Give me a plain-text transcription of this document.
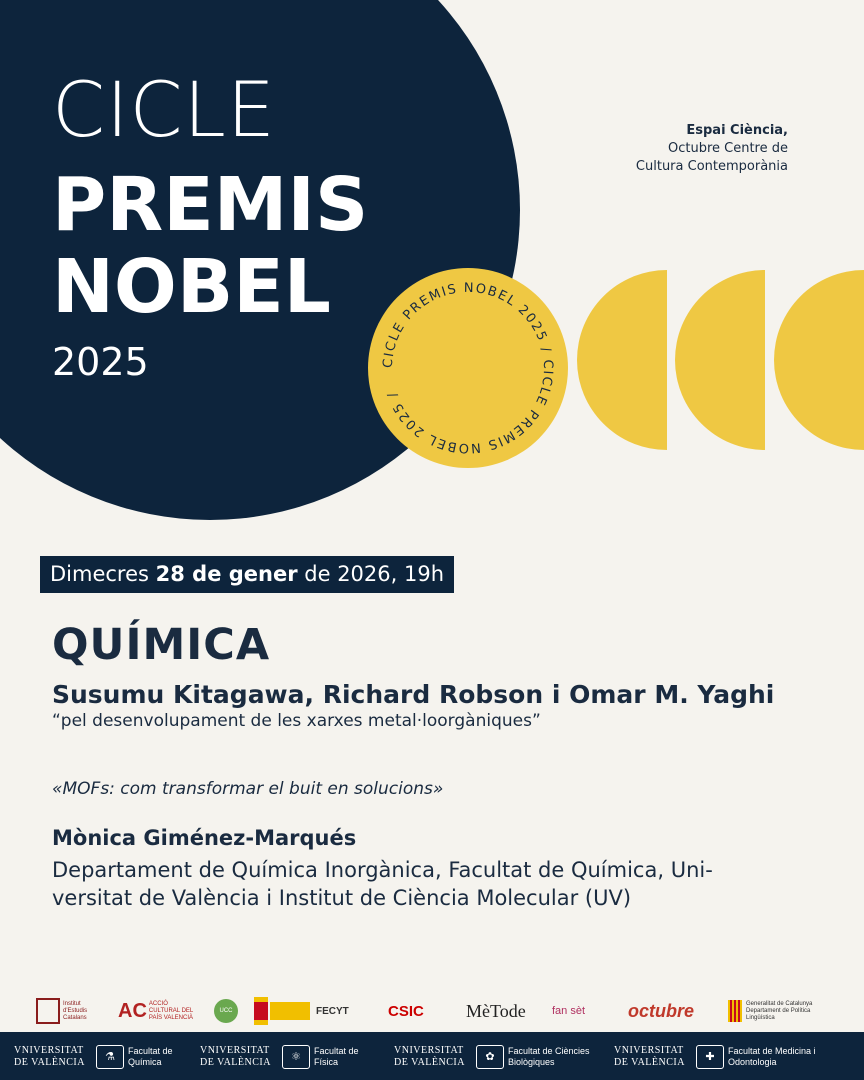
CICLE
PREMIS
NOBEL
2025
Espai Ciència,
Octubre Centre de
Cultura Contemporània
CICLE PREMIS NOBEL 2025 / CICLE PREMIS NOBEL 2025 /
Dimecres 28 de gener de 2026, 19h
QUÍMICA
Susumu Kitagawa, Richard Robson i Omar M. Yaghi
“pel desenvolupament de les xarxes metal·loorgàniques”
«MOFs: com transformar el buit en solucions»
Mònica Giménez-Marqués
Departament de Química Inorgànica, Facultat de Química, Uni-
versitat de València i Institut de Ciència Molecular (UV)
Institut d'Estudis Catalans	AC ACCIÓ CULTURAL DEL PAÍS VALENCIÀ
UCC	FECYT	CSIC	MèTode	fan sèt	octubre	Generalitat de Catalunya Departament de Política Lingüística
VNIVERSITAT DE VALÈNCIA	⚗	Facultat de Química
VNIVERSITAT DE VALÈNCIA	⚛	Facultat de Física
VNIVERSITAT DE VALÈNCIA	✿	Facultat de Ciències Biològiques
VNIVERSITAT DE VALÈNCIA	✚	Facultat de Medicina i Odontologia
